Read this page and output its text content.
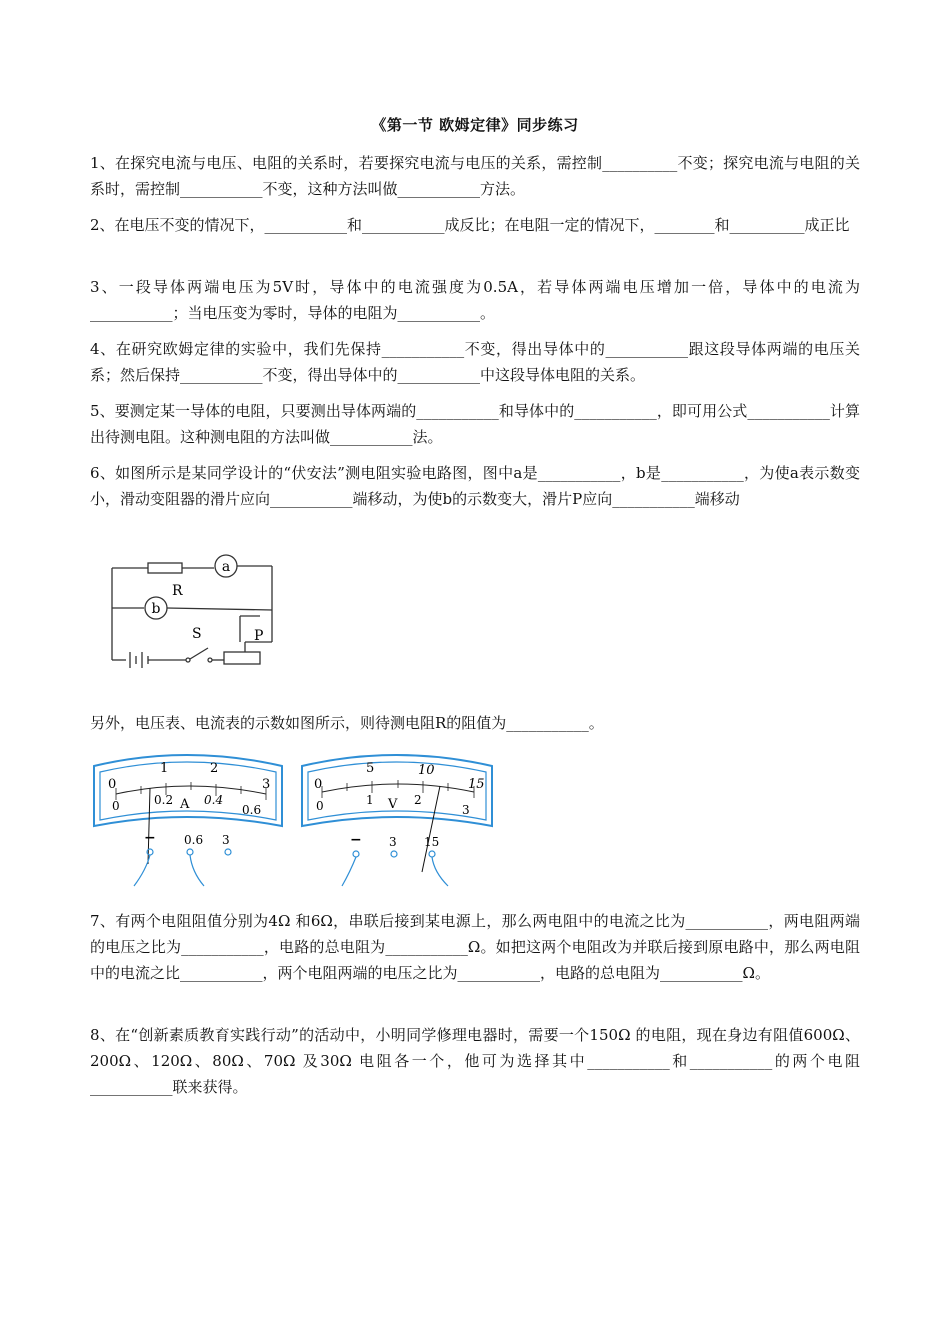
《第一节 欧姆定律》同步练习
1、在探究电流与电压、电阻的关系时，若要探究电流与电压的关系，需控制__________不变；探究电流与电阻的关系时，需控制___________不变，这种方法叫做___________方法。
2、在电压不变的情况下，___________和___________成反比；在电阻一定的情况下，________和__________成正比
3、一段导体两端电压为5V时，导体中的电流强度为0.5A，若导体两端电压增加一倍，导体中的电流为___________；当电压变为零时，导体的电阻为___________。
4、在研究欧姆定律的实验中，我们先保持___________不变，得出导体中的___________跟这段导体两端的电压关系；然后保持___________不变，得出导体中的___________中这段导体电阻的关系。
5、要测定某一导体的电阻，只要测出导体两端的___________和导体中的___________，即可用公式___________计算出待测电阻。这种测电阻的方法叫做___________法。
6、如图所示是某同学设计的“伏安法”测电阻实验电路图，图中a是___________，b是___________，为使a表示数变小，滑动变阻器的滑片应向___________端移动，为使b的示数变大，滑片P应向___________端移动
a
b
R
S	P
另外，电压表、电流表的示数如图所示，则待测电阻R的阻值为___________。
0
1	2
3
0	0.2	0.4
0.6
A
− 0.6 3
0
5	10
15
0	1	2
3
V
− 3 15
7、有两个电阻阻值分别为4Ω 和6Ω，串联后接到某电源上，那么两电阻中的电流之比为___________，两电阻两端的电压之比为___________，电路的总电阻为___________Ω。如把这两个电阻改为并联后接到原电路中，那么两电阻中的电流之比___________，两个电阻两端的电压之比为___________，电路的总电阻为___________Ω。
8、在“创新素质教育实践行动”的活动中，小明同学修理电器时，需要一个150Ω 的电阻，现在身边有阻值600Ω、200Ω、120Ω、80Ω、70Ω 及30Ω 电阻各一个，他可为选择其中___________和___________的两个电阻___________联来获得。
